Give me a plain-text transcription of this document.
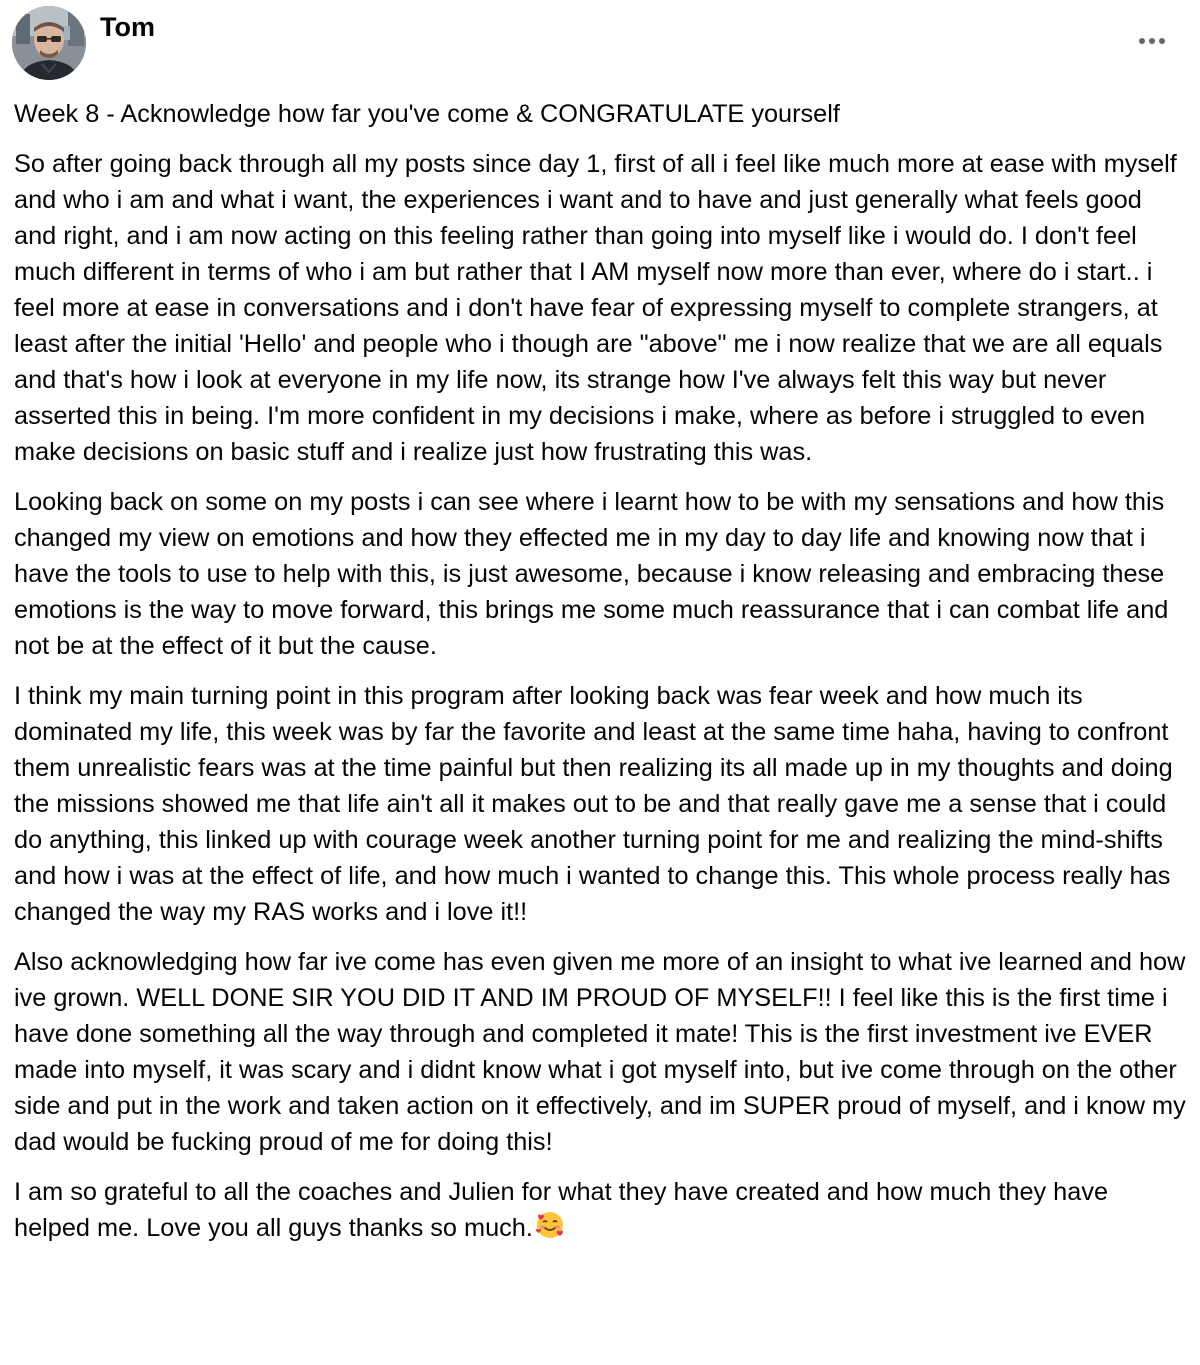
Tom

Week 8 - Acknowledge how far you've come & CONGRATULATE yourself

So after going back through all my posts since day 1, first of all i feel like much more at ease with myself and who i am and what i want, the experiences i want and to have and just generally what feels good and right, and i am now acting on this feeling rather than going into myself like i would do. I don't feel much different in terms of who i am but rather that I AM myself now more than ever, where do i start.. i feel more at ease in conversations and i don't have fear of expressing myself to complete strangers, at least after the initial 'Hello' and people who i though are "above" me i now realize that we are all equals and that's how i look at everyone in my life now, its strange how I've always felt this way but never asserted this in being. I'm more confident in my decisions i make, where as before i struggled to even make decisions on basic stuff and i realize just how frustrating this was.

Looking back on some on my posts i can see where i learnt how to be with my sensations and how this changed my view on emotions and how they effected me in my day to day life and knowing now that i have the tools to use to help with this, is just awesome, because i know releasing and embracing these emotions is the way to move forward, this brings me some much reassurance that i can combat life and not be at the effect of it but the cause.

I think my main turning point in this program after looking back was fear week and how much its dominated my life, this week was by far the favorite and least at the same time haha, having to confront them unrealistic fears was at the time painful but then realizing its all made up in my thoughts and doing the missions showed me that life ain't all it makes out to be and that really gave me a sense that i could do anything, this linked up with courage week another turning point for me and realizing the mind-shifts and how i was at the effect of life, and how much i wanted to change this. This whole process really has changed the way my RAS works and i love it!!

Also acknowledging how far ive come has even given me more of an insight to what ive learned and how ive grown. WELL DONE SIR YOU DID IT AND IM PROUD OF MYSELF!! I feel like this is the first time i have done something all the way through and completed it mate! This is the first investment ive EVER made into myself, it was scary and i didnt know what i got myself into, but ive come through on the other side and put in the work and taken action on it effectively, and im SUPER proud of myself, and i know my dad would be fucking proud of me for doing this!

I am so grateful to all the coaches and Julien for what they have created and how much they have helped me. Love you all guys thanks so much.
